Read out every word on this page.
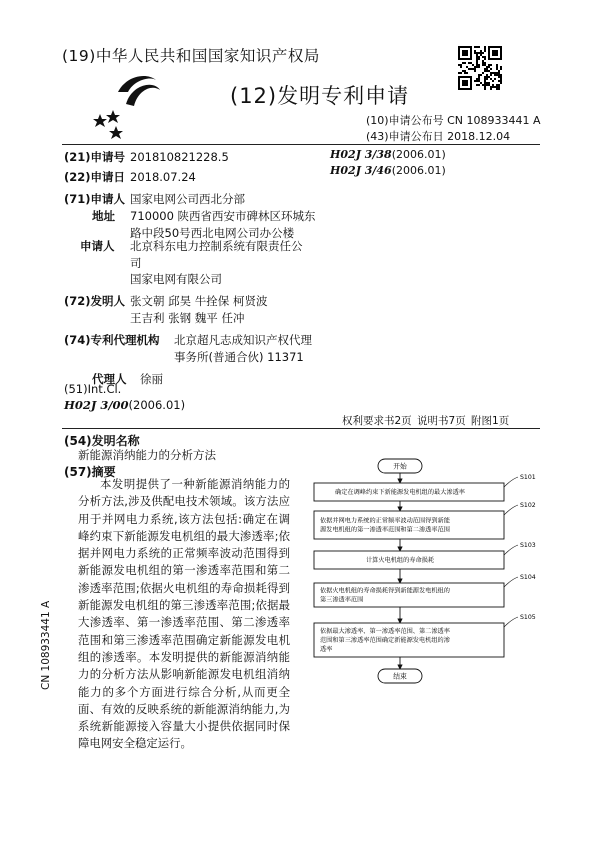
(19)中华人民共和国国家知识产权局
(12)发明专利申请
(10)申请公布号 CN 108933441 A
(43)申请公布日 2018.12.04
(21)申请号 201810821228.5
(22)申请日 2018.07.24
(71)申请人 国家电网公司西北分部
地址 710000 陕西省西安市碑林区环城东
路中段50号西北电网公司办公楼
申请人 北京科东电力控制系统有限责任公
司
国家电网有限公司
(72)发明人 张文朝 邱昊 牛拴保 柯贤波
王吉利 张钢 魏平 任冲
(74)专利代理机构 北京超凡志成知识产权代理
事务所(普通合伙) 11371
代理人 徐丽
(51)Int.Cl.
H02J 3/00(2006.01)
H02J 3/38(2006.01)
H02J 3/46(2006.01)
权利要求书2页 说明书7页 附图1页
(54)发明名称
新能源消纳能力的分析方法
(57)摘要
本发明提供了一种新能源消纳能力的分析方法,涉及供配电技术领域。该方法应用于并网电力系统,该方法包括:确定在调峰约束下新能源发电机组的最大渗透率;依据并网电力系统的正常频率波动范围得到新能源发电机组的第一渗透率范围和第二渗透率范围;依据火电机组的寿命损耗得到新能源发电机组的第三渗透率范围;依据最大渗透率、第一渗透率范围、第二渗透率范围和第三渗透率范围确定新能源发电机组的渗透率。本发明提供的新能源消纳能力的分析方法从影响新能源发电机组消纳能力的多个方面进行综合分析,从而更全面、有效的反映系统的新能源消纳能力,为系统新能源接入容量大小提供依据同时保障电网安全稳定运行。
CN 108933441 A
开始
确定在调峰约束下新能源发电机组的最大渗透率
S101
依据并网电力系统的正常频率波动范围得到新能
源发电机组的第一渗透率范围和第二渗透率范围
S102
计算火电机组的寿命损耗
S103
依据火电机组的寿命损耗得到新能源发电机组的
第三渗透率范围
S104
依据最大渗透率、第一渗透率范围、第二渗透率
范围和第三渗透率范围确定新能源发电机组的渗
透率
S105
结束
